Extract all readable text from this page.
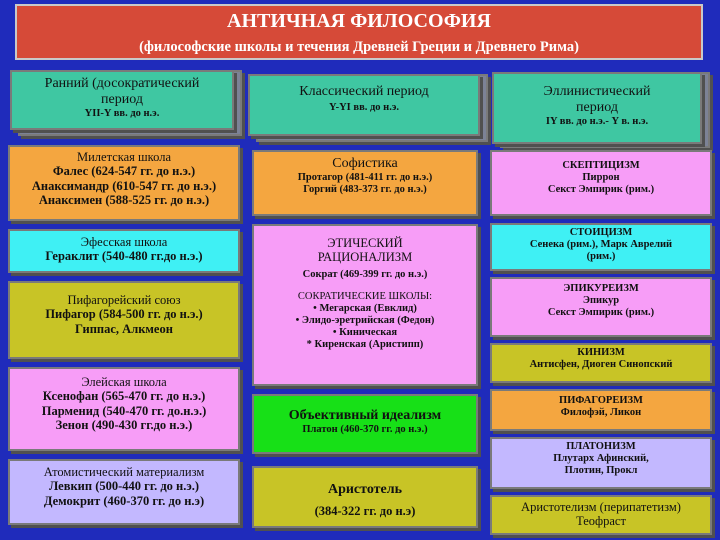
АНТИЧНАЯ ФИЛОСОФИЯ

(философские школы и течения Древней Греции и Древнего Рима)

Ранний (досократический

период

YII-Y вв. до н.э.

Классический период

Y-YI вв. до н.э.

Эллинистический

период

IY вв. до н.э.- Y в. н.э.

Милетская школа

Фалес (624-547 гг. до н.э.)

Анаксимандр (610-547 гг. до н.э.)

Анаксимен (588-525 гг. до н.э.)

Эфесская школа

Гераклит (540-480 гг.до н.э.)

Пифагорейский союз

Пифагор (584-500 гг. до н.э.)

Гиппас, Алкмеон

Элейская школа

Ксенофан (565-470 гг. до н.э.)

Парменид (540-470 гг. до.н.э.)

Зенон (490-430 гг.до н.э.)

Атомистический материализм

Левкип (500-440 гг. до н.э.)

Демокрит (460-370 гг. до н.э)

Софистика

Протагор (481-411 гг. до н.э.)

Горгий (483-373 гг. до н.э.)

ЭТИЧЕСКИЙ

РАЦИОНАЛИЗМ

Сократ (469-399 гг. до н.э.)

СОКРАТИЧЕСКИЕ ШКОЛЫ:

• Мегарская (Евклид)

• Элидо-эретрийская (Федон)

• Киническая

* Киренская (Аристипп)

Объективный идеализм

Платон (460-370 гг. до н.э.)

Аристотель

(384-322 гг. до н.э)

СКЕПТИЦИЗМ

Пиррон

Секст Эмпирик (рим.)

СТОИЦИЗМ

Сенека (рим.), Марк Аврелий

(рим.)

ЭПИКУРЕИЗМ

Эпикур

Секст Эмпирик (рим.)

КИНИЗМ

Антисфен, Диоген Синопский

ПИФАГОРЕИЗМ

Филофэй, Ликон

ПЛАТОНИЗМ

Плутарх Афинский,

Плотин, Прокл

Аристотелизм (перипатетизм)

Теофраст
